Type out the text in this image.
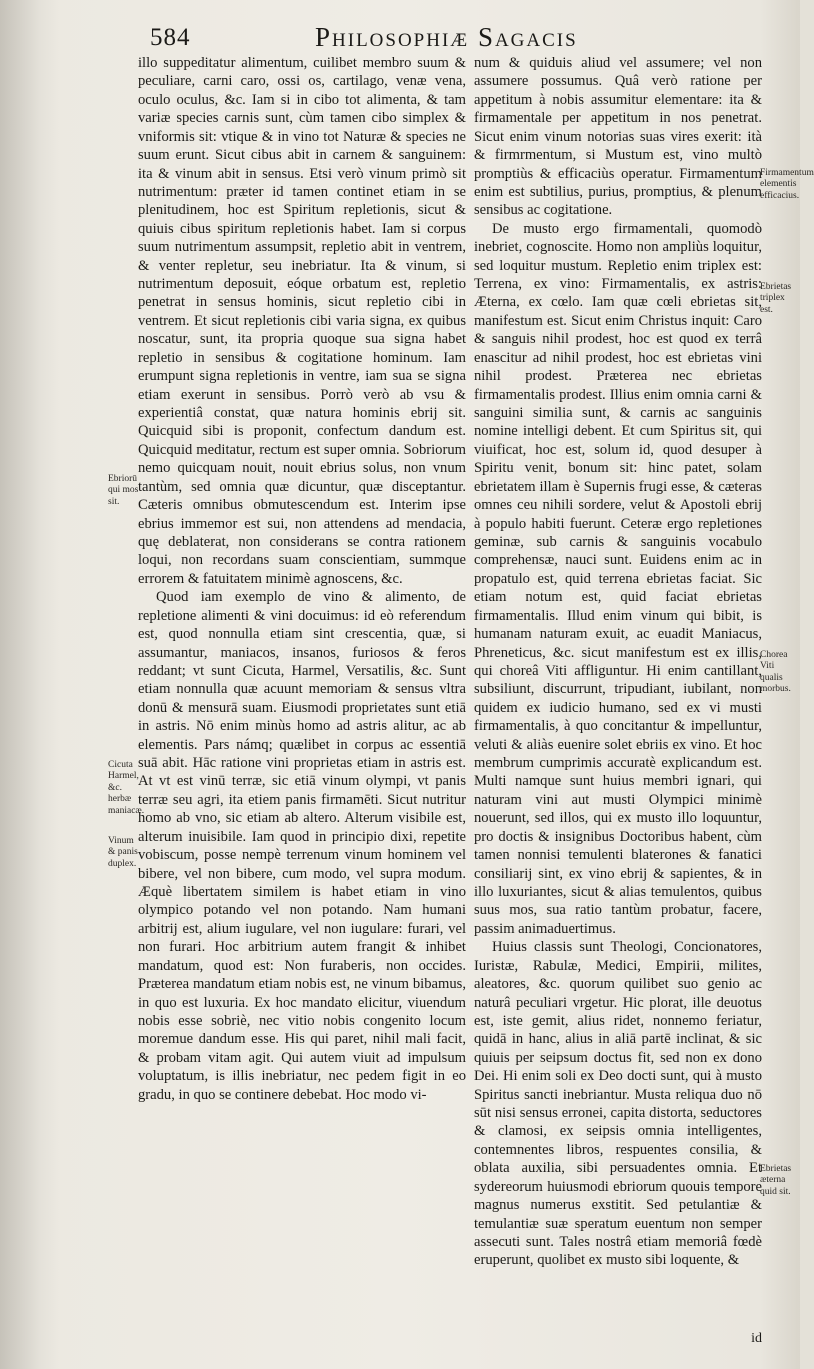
584	Philosophiæ Sagacis

illo suppeditatur alimentum, cuilibet membro suum & peculiare, carni caro, ossi os, cartilago, venæ vena, oculo oculus, &c. Iam si in cibo tot alimenta, & tam variæ species carnis sunt, cùm tamen cibo simplex & vniformis sit: vtique & in vino tot Naturæ & species ne suum erunt. Sicut cibus abit in carnem & sanguinem: ita & vinum abit in sensus. Etsi verò vinum primò sit nutrimentum: præter id tamen continet etiam in se plenitudinem, hoc est Spiritum repletionis, sicut & quiuis cibus spiritum repletionis habet. Iam si corpus suum nutrimentum assumpsit, repletio abit in ventrem, & venter repletur, seu inebriatur. Ita & vinum, si nutrimentum deposuit, eóque orbatum est, repletio penetrat in sensus hominis, sicut repletio cibi in ventrem. Et sicut repletionis cibi varia signa, ex quibus noscatur, sunt, ita propria quoque sua signa habet repletio in sensibus & cogitatione hominum. Iam erumpunt signa repletionis in ventre, iam sua se signa etiam exerunt in sensibus. Porrò verò ab vsu & experientiâ constat, quæ natura hominis ebrij sit. Quicquid sibi is proponit, confectum dandum est. Quicquid meditatur, rectum est super omnia. Sobriorum nemo quicquam nouit, nouit ebrius solus, non vnum tantùm, sed omnia quæ dicuntur, quæ disceptantur. Cæteris omnibus obmutescendum est. Interim ipse ebrius immemor est sui, non attendens ad mendacia, quę deblaterat, non considerans se contra rationem loqui, non recordans suam conscientiam, summque errorem & fatuitatem minimè agnoscens, &c.

Quod iam exemplo de vino & alimento, de repletione alimenti & vini docuimus: id eò referendum est, quod nonnulla etiam sint crescentia, quæ, si assumantur, maniacos, insanos, furiosos & feros reddant; vt sunt Cicuta, Harmel, Versatilis, &c. Sunt etiam nonnulla quæ acuunt memoriam & sensus vltra donū & mensurā suam. Eiusmodi proprietates sunt etiā in astris. Nō enim minùs homo ad astris alitur, ac ab elementis. Pars námq; quælibet in corpus ac essentiā suā abit. Hāc ratione vini proprietas etiam in astris est. At vt est vinū terræ, sic etiā vinum olympi, vt panis terræ seu agri, ita etiem panis firmamēti. Sicut nutritur homo ab vno, sic etiam ab altero. Alterum visibile est, alterum inuisibile. Iam quod in principio dixi, repetite vobiscum, posse nempè terrenum vinum hominem vel bibere, vel non bibere, cum modo, vel supra modum. Æquè libertatem similem is habet etiam in vino olympico potando vel non potando. Nam humani arbitrij est, alium iugulare, vel non iugulare: furari, vel non furari. Hoc arbitrium autem frangit & inhibet mandatum, quod est: Non furaberis, non occides. Præterea mandatum etiam nobis est, ne vinum bibamus, in quo est luxuria. Ex hoc mandato elicitur, viuendum nobis esse sobriè, nec vitio nobis congenito locum moremue dandum esse. His qui paret, nihil mali facit, & probam vitam agit. Qui autem viuit ad impulsum voluptatum, is illis inebriatur, nec pedem figit in eo gradu, in quo se continere debebat. Hoc modo vi-

num & quiduis aliud vel assumere; vel non assumere possumus. Quâ verò ratione per appetitum à nobis assumitur elementare: ita & firmamentale per appetitum in nos penetrat. Sicut enim vinum notorias suas vires exerit: ità & firmrmentum, si Mustum est, vino multò promptiùs & efficaciùs operatur. Firmamentum enim est subtilius, purius, promptius, & plenum sensibus ac cogitatione.

De musto ergo firmamentali, quomodò inebriet, cognoscite. Homo non ampliùs loquitur, sed loquitur mustum. Repletio enim triplex est: Terrena, ex vino: Firmamentalis, ex astris: Æterna, ex cœlo. Iam quæ cœli ebrietas sit, manifestum est. Sicut enim Christus inquit: Caro & sanguis nihil prodest, hoc est quod ex terrâ enascitur ad nihil prodest, hoc est ebrietas vini nihil prodest. Præterea nec ebrietas firmamentalis prodest. Illius enim omnia carni & sanguini similia sunt, & carnis ac sanguinis nomine intelligi debent. Et cum Spiritus sit, qui viuificat, hoc est, solum id, quod desuper à Spiritu venit, bonum sit: hinc patet, solam ebrietatem illam è Supernis frugi esse, & cæteras omnes ceu nihili sordere, velut & Apostoli ebrij à populo habiti fuerunt. Ceteræ ergo repletiones geminæ, sub carnis & sanguinis vocabulo comprehensæ, nauci sunt. Euidens enim ac in propatulo est, quid terrena ebrietas faciat. Sic etiam notum est, quid faciat ebrietas firmamentalis. Illud enim vinum qui bibit, is humanam naturam exuit, ac euadit Maniacus, Phreneticus, &c. sicut manifestum est ex illis, qui choreâ Viti affliguntur. Hi enim cantillant, subsiliunt, discurrunt, tripudiant, iubilant, non quidem ex iudicio humano, sed ex vi musti firmamentalis, à quo concitantur & impelluntur, veluti & aliàs euenire solet ebriis ex vino. Et hoc membrum cumprimis accuratè explicandum est. Multi namque sunt huius membri ignari, qui naturam vini aut musti Olympici minimè nouerunt, sed illos, qui ex musto illo loquuntur, pro doctis & insignibus Doctoribus habent, cùm tamen nonnisi temulenti blaterones & fanatici consiliarij sint, ex vino ebrij & sapientes, & in illo luxuriantes, sicut & alias temulentos, quibus suus mos, sua ratio tantùm probatur, facere, passim animaduertimus.

Huius classis sunt Theologi, Concionatores, Iuristæ, Rabulæ, Medici, Empirii, milites, aleatores, &c. quorum quilibet suo genio ac naturâ peculiari vrgetur. Hic plorat, ille deuotus est, iste gemit, alius ridet, nonnemo feriatur, quidā in hanc, alius in aliā partē inclinat, & sic quiuis per seipsum doctus fit, sed non ex dono Dei. Hi enim soli ex Deo docti sunt, qui à musto Spiritus sancti inebriantur. Musta reliqua duo nō sūt nisi sensus erronei, capita distorta, seductores & clamosi, ex seipsis omnia intelligentes, contemnentes libros, respuentes consilia, & oblata auxilia, sibi persuadentes omnia. Et sydereorum huiusmodi ebriorum quouis tempore magnus numerus exstitit. Sed petulantiæ & temulantiæ suæ speratum euentum non semper assecuti sunt. Tales nostrâ etiam memoriâ fœdè eruperunt, quolibet ex musto sibi loquente, &

Ebriorū qui mos sit.
Cicuta Harmel, &c. herbæ maniacæ.
Vinum & panis duplex.
Firmamentum elementis efficacius.
Ebrietas triplex est.
Chorea Viti qualis morbus.
Ebrietas æterna quid sit.
id
